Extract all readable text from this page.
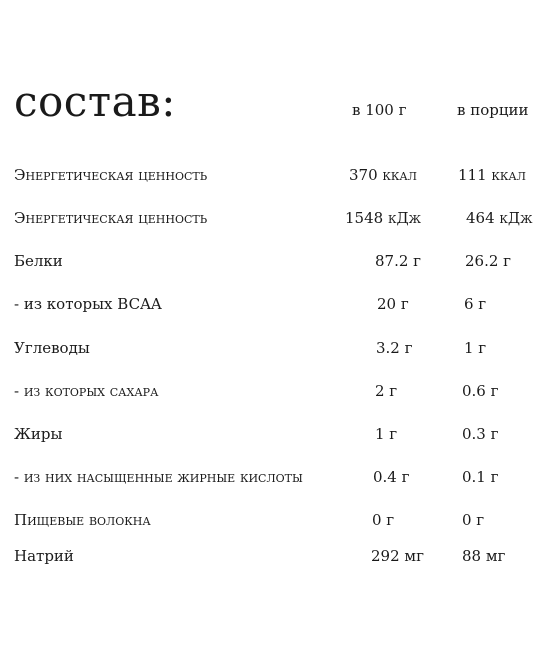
состав:	в 100 г	в порции
Энергетическая ценность	370 ккал	111 ккал
Энергетическая ценность	1548 кДж	464 кДж
Белки	87.2 г	26.2 г
- из которых BCAA	20 г	6 г
Углеводы	3.2 г	1 г
- из которых сахара	2 г	0.6 г
Жиры	1 г	0.3 г
- из них насыщенные жирные кислоты	0.4 г	0.1 г
Пищевые волокна	0 г	0 г
Натрий	292 мг	88 мг
